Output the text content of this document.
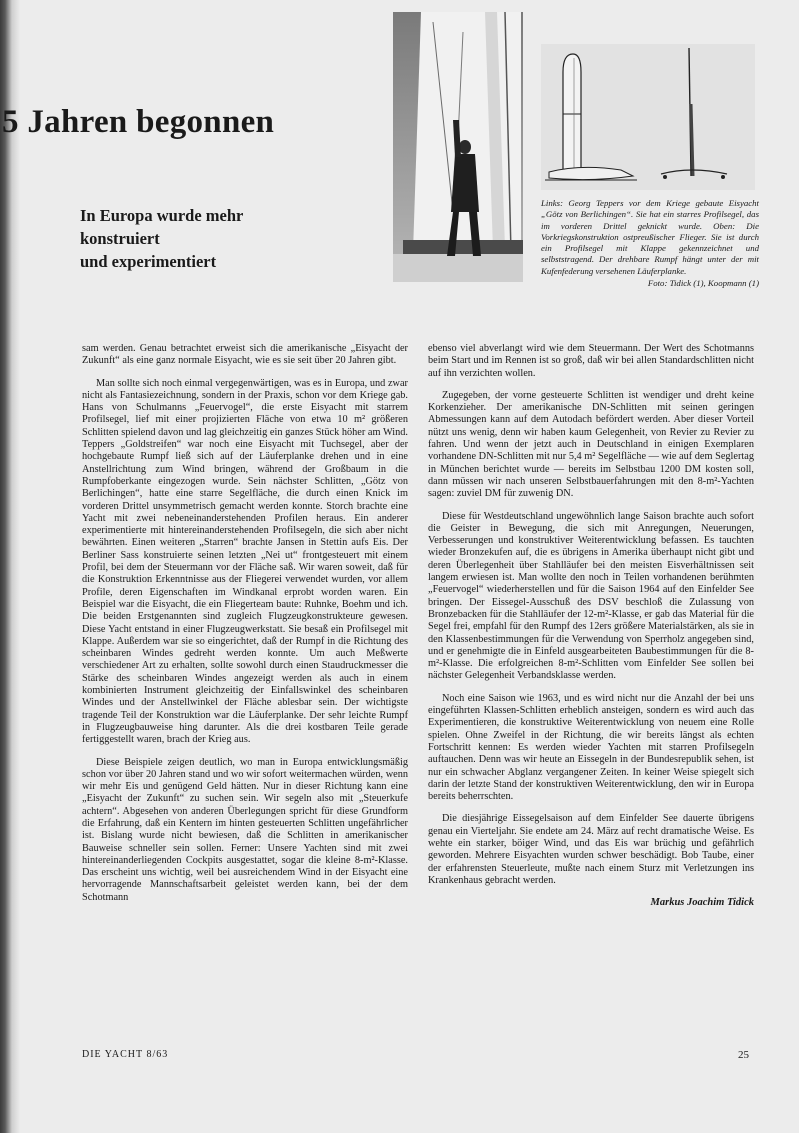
5 Jahren begonnen
In Europa wurde mehr
konstruiert
und experimentiert
Links: Georg Teppers vor dem Kriege gebaute Eisyacht „Götz von Berlichingen“. Sie hat ein starres Profilsegel, das im vorderen Drittel geknickt wurde. Oben: Die Vorkriegskonstruktion ostpreußischer Flieger. Sie ist durch ein Profilsegel mit Klappe gekennzeichnet und selbststragend. Der drehbare Rumpf hängt unter der mit Kufenfederung versehenen Läuferplanke.
Foto: Tidick (1), Koopmann (1)

sam werden. Genau betrachtet erweist sich die amerikanische „Eisyacht der Zukunft“ als eine ganz normale Eisyacht, wie es sie seit über 20 Jahren gibt.

Man sollte sich noch einmal vergegenwärtigen, was es in Europa, und zwar nicht als Fantasiezeichnung, sondern in der Praxis, schon vor dem Kriege gab. Hans von Schulmanns „Feuervogel“, die erste Eisyacht mit starrem Profilsegel, lief mit einer projizierten Fläche von etwa 10 m² größeren Schlitten spielend davon und lag gleichzeitig ein ganzes Stück höher am Wind. Teppers „Goldstreifen“ war noch eine Eisyacht mit Tuchsegel, aber der hochgebaute Rumpf ließ sich auf der Läuferplanke drehen und in eine Anstellrichtung zum Wind bringen, während der Großbaum in die Rumpfoberkante eingezogen wurde. Sein nächster Schlitten, „Götz von Berlichingen“, hatte eine starre Segelfläche, die durch einen Knick im vorderen Drittel unsymmetrisch gemacht werden konnte. Storch brachte eine Yacht mit zwei nebeneinanderstehenden Profilen heraus. Ein anderer experimentierte mit hintereinanderstehenden Profilsegeln, die sich aber nicht bewährten. Einen weiteren „Starren“ brachte Jansen in Stettin aufs Eis. Der Berliner Sass konstruierte seinen letzten „Nei ut“ frontgesteuert mit einem Profil, bei dem der Steuermann vor der Fläche saß. Wir waren soweit, daß für die Konstruktion Erkenntnisse aus der Fliegerei verwendet wurden, vor allem Profile, deren Eigenschaften im Windkanal erprobt worden waren. Ein Beispiel war die Eisyacht, die ein Fliegerteam baute: Ruhnke, Boehm und ich. Die beiden Erstgenannten sind zugleich Flugzeugkonstrukteure gewesen. Diese Yacht entstand in einer Flugzeugwerkstatt. Sie besaß ein Profilsegel mit Klappe. Außerdem war sie so eingerichtet, daß der Rumpf in die Richtung des scheinbaren Windes gedreht werden konnte. Um auch Meßwerte verschiedener Art zu erhalten, sollte sowohl durch einen Staudruckmesser die Stärke des scheinbaren Windes angezeigt werden als auch in einem kombinierten Instrument gleichzeitig der Einfallswinkel des scheinbaren Windes und der Anstellwinkel der Fläche ablesbar sein. Der wichtigste tragende Teil der Konstruktion war die Läuferplanke. Der sehr leichte Rumpf in Flugzeugbauweise hing darunter. Als die drei kostbaren Teile gerade fertiggestellt waren, brach der Krieg aus.

Diese Beispiele zeigen deutlich, wo man in Europa entwicklungsmäßig schon vor über 20 Jahren stand und wo wir sofort weitermachen würden, wenn wir mehr Eis und genügend Geld hätten. Nur in dieser Richtung kann eine „Eisyacht der Zukunft“ zu suchen sein. Wir segeln also mit „Steuerkufe achtern“. Abgesehen von anderen Überlegungen spricht für diese Grundform die Erfahrung, daß ein Kentern im hinten gesteuerten Schlitten ungefährlicher ist. Bislang wurde nicht bewiesen, daß die Schlitten in amerikanischer Bauweise schneller sein sollen. Ferner: Unsere Yachten sind mit zwei hintereinanderliegenden Cockpits ausgestattet, sogar die kleine 8-m²-Klasse. Das erscheint uns wichtig, weil bei ausreichendem Wind in der Eisyacht eine hervorragende Mannschaftsarbeit geleistet werden kann, bei der dem Schotmann

ebenso viel abverlangt wird wie dem Steuermann. Der Wert des Schotmanns beim Start und im Rennen ist so groß, daß wir bei allen Standardschlitten nicht auf ihn verzichten wollen.

Zugegeben, der vorne gesteuerte Schlitten ist wendiger und dreht keine Korkenzieher. Der amerikanische DN-Schlitten mit seinen geringen Abmessungen kann auf dem Autodach befördert werden. Aber dieser Vorteil nützt uns wenig, denn wir haben kaum Gelegenheit, von Revier zu Revier zu fahren. Und wenn der jetzt auch in Deutschland in einigen Exemplaren vorhandene DN-Schlitten mit nur 5,4 m² Segelfläche — wie auf dem Seglertag in München berichtet wurde — bereits im Selbstbau 1200 DM kosten soll, dann müssen wir nach unseren Selbstbauerfahrungen mit den 8-m²-Yachten sagen: zuviel DM für zuwenig DN.

Diese für Westdeutschland ungewöhnlich lange Saison brachte auch sofort die Geister in Bewegung, die sich mit Anregungen, Neuerungen, Verbesserungen und konstruktiver Weiterentwicklung befassen. Es tauchten wieder Bronzekufen auf, die es übrigens in Amerika überhaupt nicht gibt und deren Überlegenheit über Stahlläufer bei den meisten Eisverhältnissen seit langem erwiesen ist. Man wollte den noch in Teilen vorhandenen berühmten „Feuervogel“ wiederherstellen und für die Saison 1964 auf den Einfelder See bringen. Der Eissegel-Ausschuß des DSV beschloß die Zulassung von Bronzebacken für die Stahlläufer der 12-m²-Klasse, er gab das Material für die Segel frei, empfahl für den Rumpf des 12ers größere Materialstärken, als sie in den Klassenbestimmungen für die Verwendung von Sperrholz angegeben sind, und er genehmigte die in Einfeld ausgearbeiteten Baubestimmungen für die 8-m²-Klasse. Die erfolgreichen 8-m²-Schlitten vom Einfelder See sollen bei nächster Gelegenheit Verbandsklasse werden.

Noch eine Saison wie 1963, und es wird nicht nur die Anzahl der bei uns eingeführten Klassen-Schlitten erheblich ansteigen, sondern es wird auch das Experimentieren, die konstruktive Weiterentwicklung von neuem eine Rolle spielen. Ohne Zweifel in der Richtung, die wir bereits längst als echten Fortschritt kennen: Es werden wieder Yachten mit starren Profilsegeln auftauchen. Denn was wir heute an Eissegeln in der Bundesrepublik sehen, ist nur ein schwacher Abglanz vergangener Zeiten. In keiner Weise spiegelt sich darin der letzte Stand der konstruktiven Weiterentwicklung, den wir in Europa bereits beherrschten.

Die diesjährige Eissegelsaison auf dem Einfelder See dauerte übrigens genau ein Vierteljahr. Sie endete am 24. März auf recht dramatische Weise. Es wehte ein starker, böiger Wind, und das Eis war brüchig und gefährlich geworden. Mehrere Eisyachten wurden schwer beschädigt. Bob Taube, einer der erfahrensten Steuerleute, mußte nach einem Sturz mit Verletzungen ins Krankenhaus gebracht werden.

Markus Joachim Tidick
DIE YACHT 8/63	25
